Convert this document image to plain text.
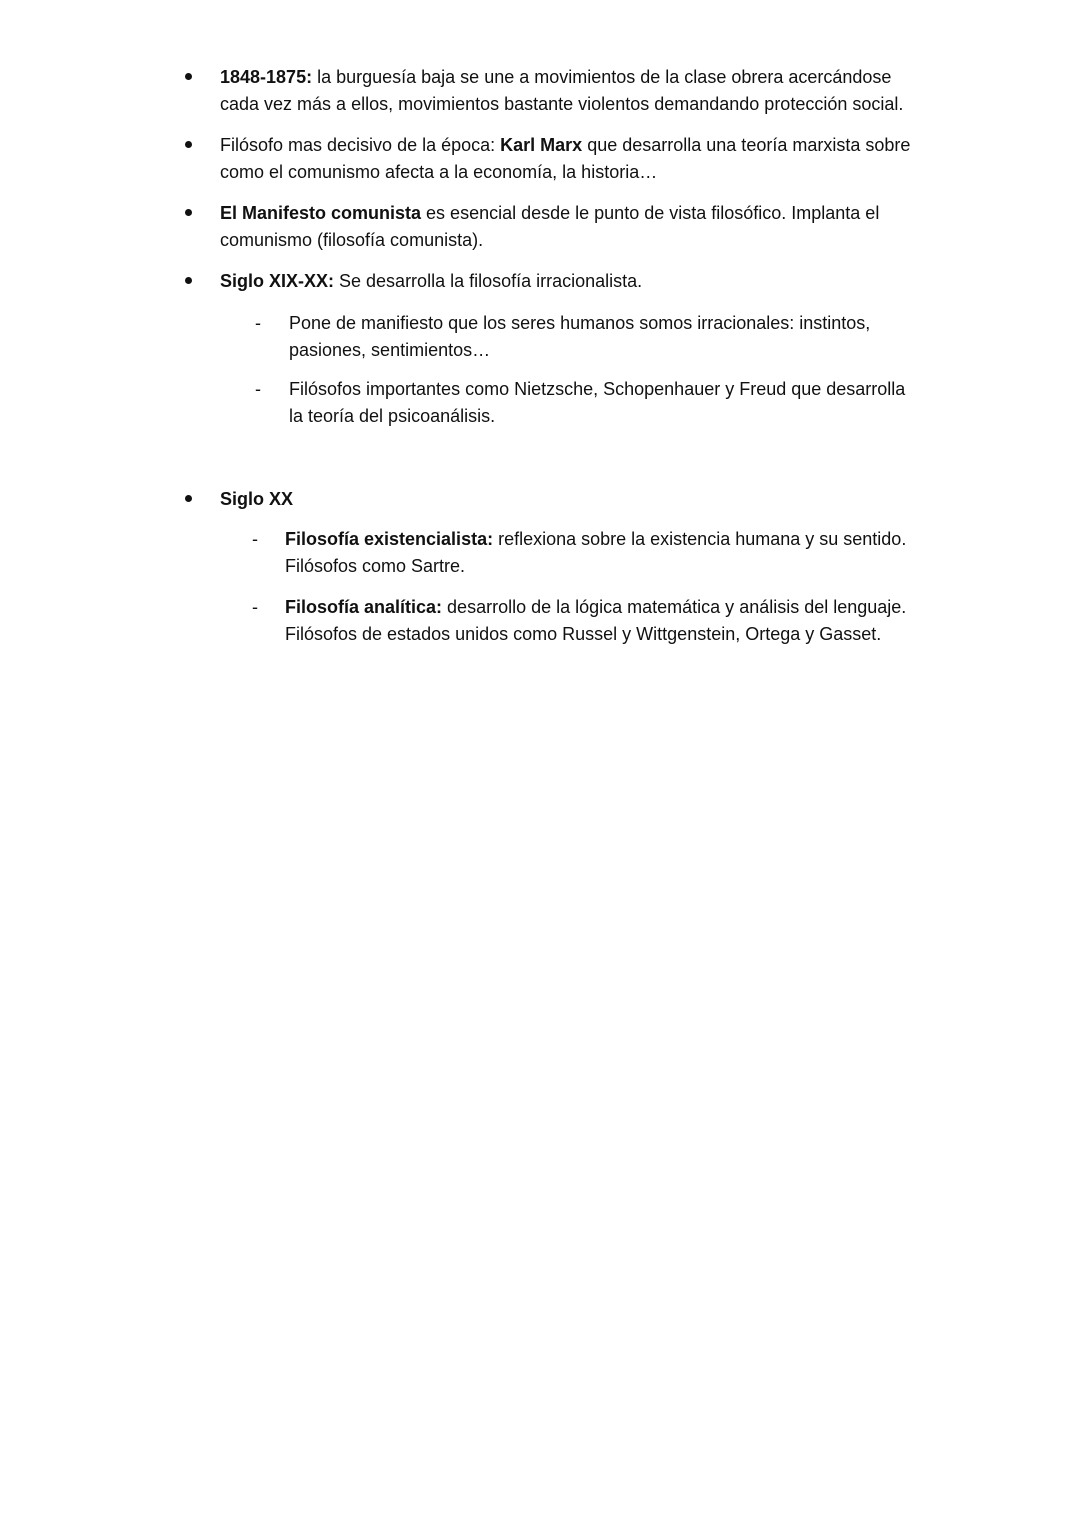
1848-1875: la burguesía baja se une a movimientos de la clase obrera acercándose cada vez más a ellos, movimientos bastante violentos demandando protección social.
Filósofo mas decisivo de la época: Karl Marx que desarrolla una teoría marxista sobre como el comunismo afecta a la economía, la historia…
El Manifesto comunista es esencial desde le punto de vista filosófico. Implanta el comunismo (filosofía comunista).
Siglo XIX-XX: Se desarrolla la filosofía irracionalista.
- Pone de manifiesto que los seres humanos somos irracionales: instintos, pasiones, sentimientos…
- Filósofos importantes como Nietzsche, Schopenhauer y Freud que desarrolla la teoría del psicoanálisis.
Siglo XX
- Filosofía existencialista: reflexiona sobre la existencia humana y su sentido. Filósofos como Sartre.
- Filosofía analítica: desarrollo de la lógica matemática y análisis del lenguaje. Filósofos de estados unidos como Russel y Wittgenstein, Ortega y Gasset.
